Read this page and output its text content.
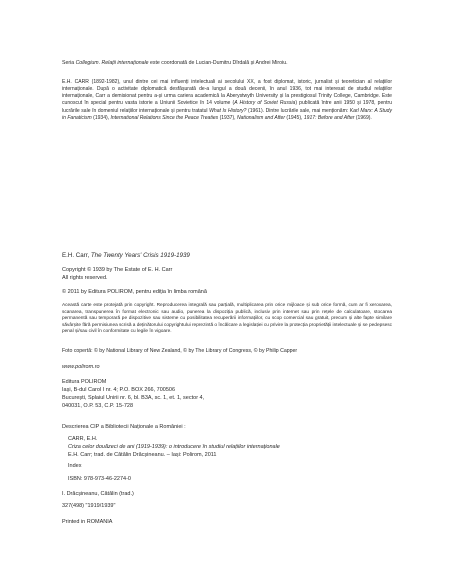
Seria Collegium. Relații internaționale este coordonată de Lucian-Dumitru Dîrdală și Andrei Miroiu.

E.H. CARR (1892-1982), unul dintre cei mai influenți intelectuali ai secolului XX, a fost diplomat, istoric, jurnalist și teoretician al relațiilor internaționale. După o activitate diplomatică desfășurată de-a lungul a două decenii, în anul 1936, tot mai interesat de studiul relațiilor internaționale, Carr a demisionat pentru a-și urma cariera academică la Aberystwyth University și la prestigiosul Trinity College, Cambridge. Este cunoscut în special pentru vasta istorie a Uniunii Sovietice în 14 volume (A History of Soviet Russia) publicată între anii 1950 și 1978, pentru lucrările sale în domeniul relațiilor internaționale și pentru tratatul What Is History? (1961). Dintre lucrările sale, mai menționăm: Karl Marx: A Study in Fanaticism (1934), International Relations Since the Peace Treaties (1937), Nationalism and After (1945), 1917: Before and After (1969).

E.H. Carr, The Twenty Years' Crisis 1919-1939

Copyright © 1939 by The Estate of E. H. Carr
All rights reserved.
© 2011 by Editura POLIROM, pentru ediția în limba română

Această carte este protejată prin copyright. Reproducerea integrală sau parțială, multiplicarea prin orice mijloace și sub orice formă, cum ar fi xeroxarea, scanarea, transpunerea în format electronic sau audio, punerea la dispoziția publică, inclusiv prin internet sau prin rețele de calculatoare, stocarea permanentă sau temporară pe dispozitive sau sisteme cu posibilitatea recuperării informațiilor, cu scop comercial sau gratuit, precum și alte fapte similare săvârșite fără permisiunea scrisă a deținătorului copyrightului reprezintă o încălcare a legislației cu privire la protecția proprietății intelectuale și se pedepsesc penal și/sau civil în conformitate cu legile în vigoare.

Foto copertă: © by National Library of New Zealand, © by The Library of Congress, © by Philip Capper
www.polirom.ro
Editura POLIROM
Iași, B-dul Carol I nr. 4; P.O. BOX 266, 700506
București, Splaiul Unirii nr. 6, bl. B3A, sc. 1, et. 1, sector 4,
040031, O.P. 53, C.P. 15-728
Descrierea CIP a Bibliotecii Naționale a României :
CARR, E.H.
Criza celor douăzeci de ani (1919-1939): o introducere în studiul relațiilor internaționale
E.H. Carr; trad. de Cătălin Drăcșineanu. – Iași: Polirom, 2011
Index
ISBN: 978-973-46-2274-0
I. Drăcșineanu, Cătălin (trad.)
327(498) "1919/1939"
Printed in ROMANIA
